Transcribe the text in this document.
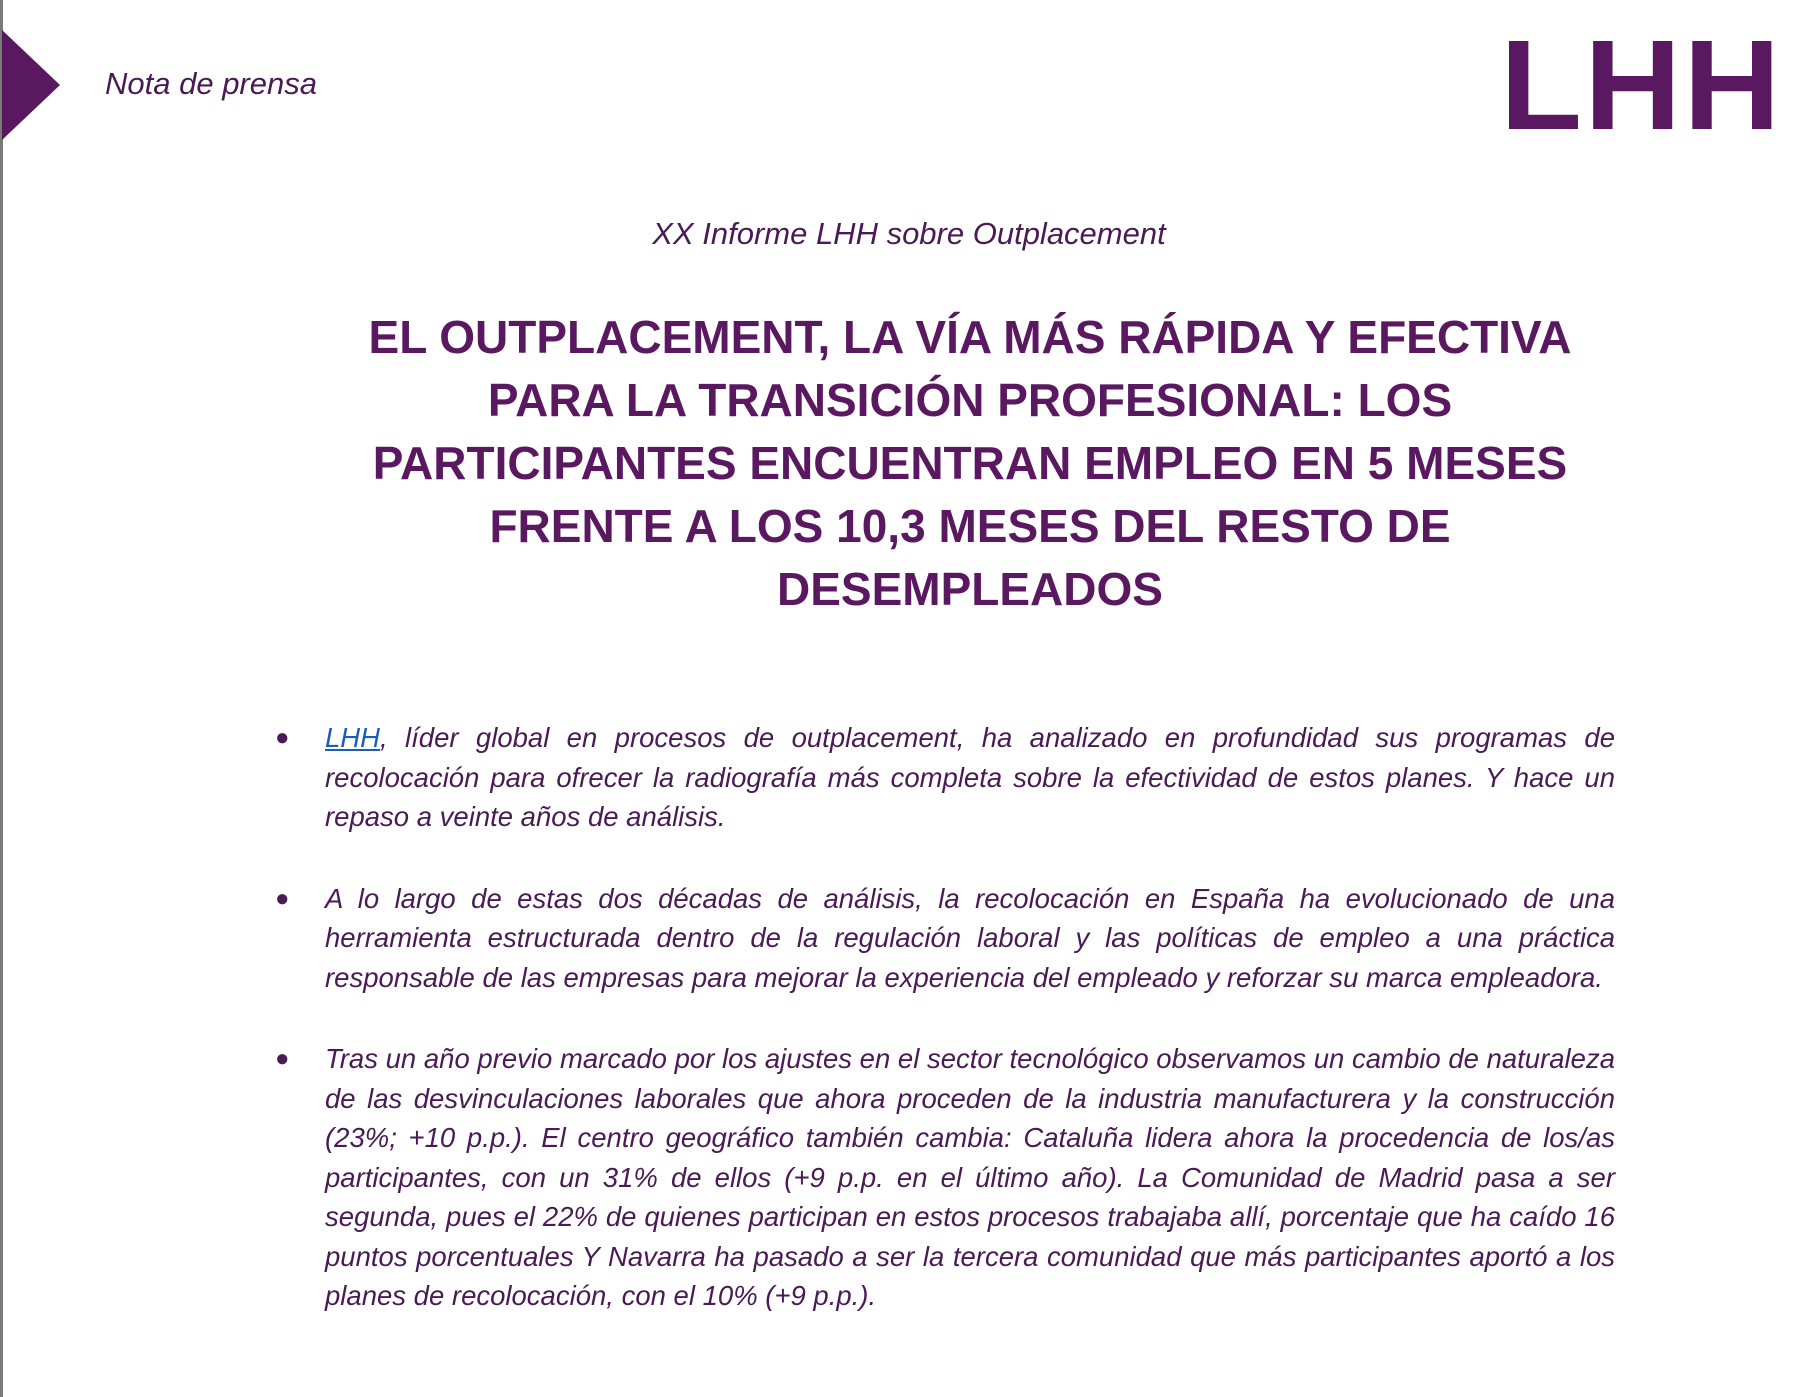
Nota de prensa	LHH
XX Informe LHH sobre Outplacement
EL OUTPLACEMENT, LA VÍA MÁS RÁPIDA Y EFECTIVA PARA LA TRANSICIÓN PROFESIONAL: LOS PARTICIPANTES ENCUENTRAN EMPLEO EN 5 MESES FRENTE A LOS 10,3 MESES DEL RESTO DE DESEMPLEADOS
● LHH, líder global en procesos de outplacement, ha analizado en profundidad sus programas de recolocación para ofrecer la radiografía más completa sobre la efectividad de estos planes. Y hace un repaso a veinte años de análisis.
● A lo largo de estas dos décadas de análisis, la recolocación en España ha evolucionado de una herramienta estructurada dentro de la regulación laboral y las políticas de empleo a una práctica responsable de las empresas para mejorar la experiencia del empleado y reforzar su marca empleadora.
● Tras un año previo marcado por los ajustes en el sector tecnológico observamos un cambio de naturaleza de las desvinculaciones laborales que ahora proceden de la industria manufacturera y la construcción (23%; +10 p.p.). El centro geográfico también cambia: Cataluña lidera ahora la procedencia de los/as participantes, con un 31% de ellos (+9 p.p. en el último año). La Comunidad de Madrid pasa a ser segunda, pues el 22% de quienes participan en estos procesos trabajaba allí, porcentaje que ha caído 16 puntos porcentuales Y Navarra ha pasado a ser la tercera comunidad que más participantes aportó a los planes de recolocación, con el 10% (+9 p.p.).
